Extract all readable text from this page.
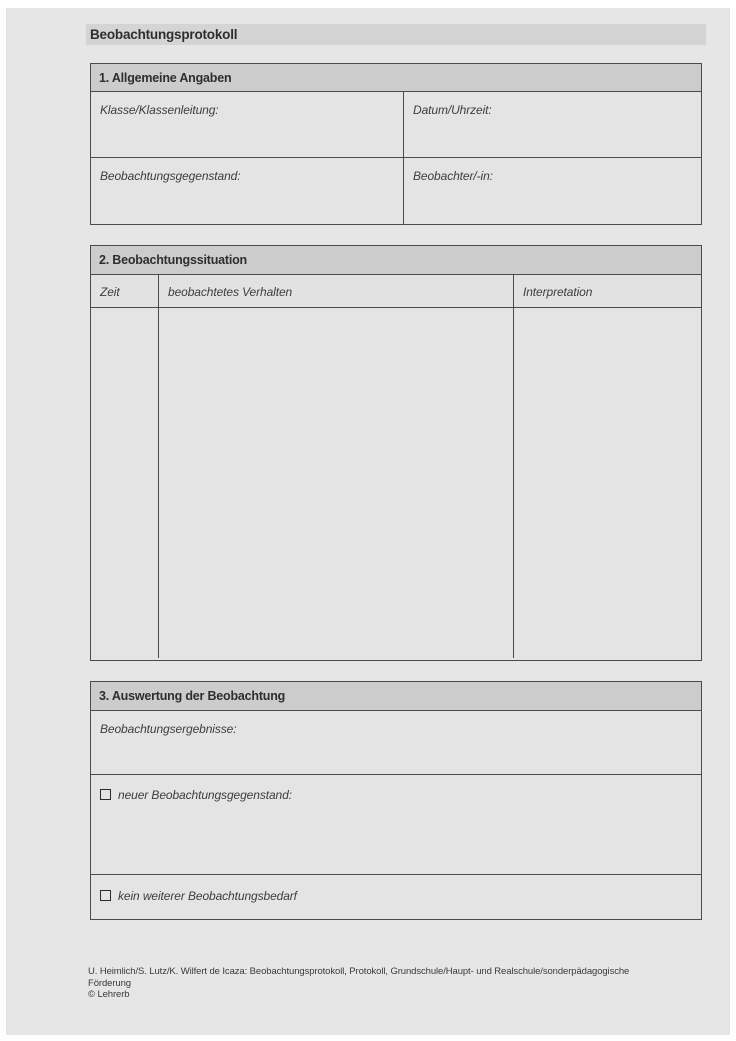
Beobachtungsprotokoll
1. Allgemeine Angaben
Klasse/Klassenleitung:	Datum/Uhrzeit:
Beobachtungsgegenstand:	Beobachter/-in:
2. Beobachtungssituation
Zeit	beobachtetes Verhalten	Interpretation
3. Auswertung der Beobachtung
Beobachtungsergebnisse:
neuer Beobachtungsgegenstand:
kein weiterer Beobachtungsbedarf
U. Heimlich/S. Lutz/K. Wilfert de Icaza: Beobachtungsprotokoll, Protokoll, Grundschule/Haupt- und Realschule/sonderpädagogische
Förderung
© Lehrerb
